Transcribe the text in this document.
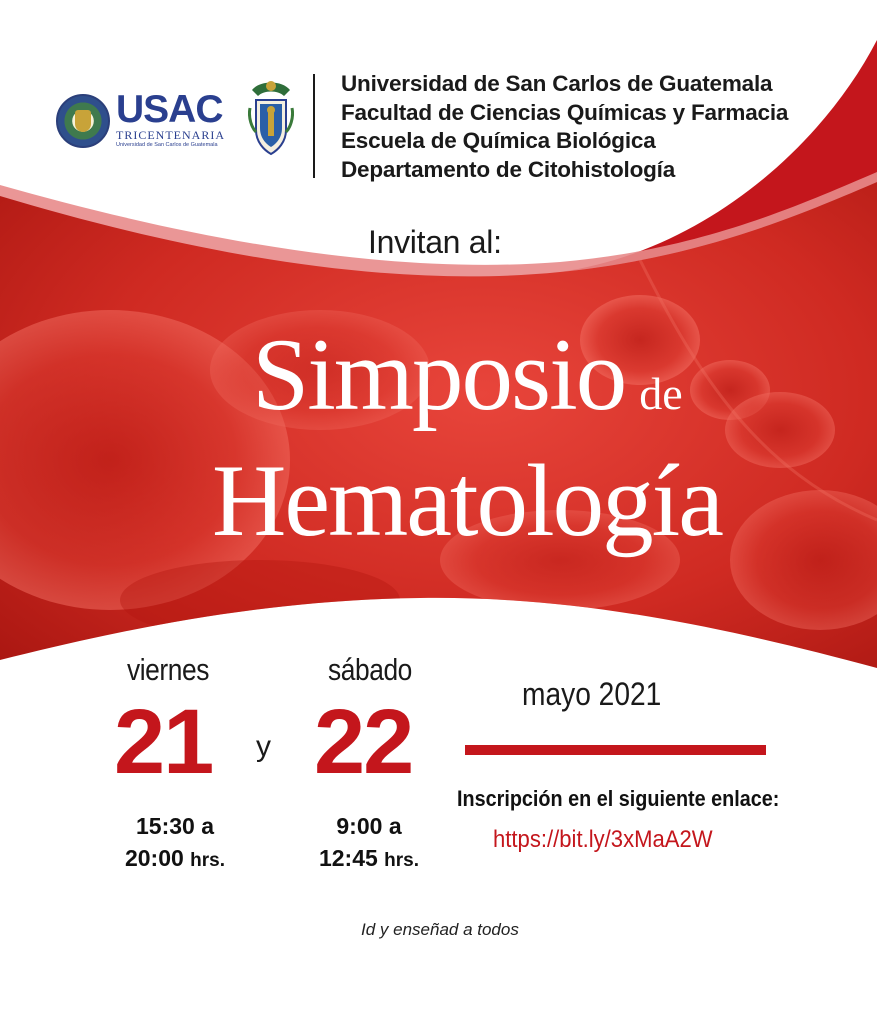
USAC
TRICENTENARIA
Universidad de San Carlos de Guatemala
Universidad de San Carlos de Guatemala
Facultad de Ciencias Químicas y Farmacia
Escuela de Química Biológica
Departamento de Citohistología
Invitan al:
Simposio de
Hematología
viernes
21
15:30 a
20:00 hrs.
y
sábado
22
9:00 a
12:45 hrs.
mayo 2021
Inscripción en el siguiente enlace:
https://bit.ly/3xMaA2W
Id y enseñad a todos
